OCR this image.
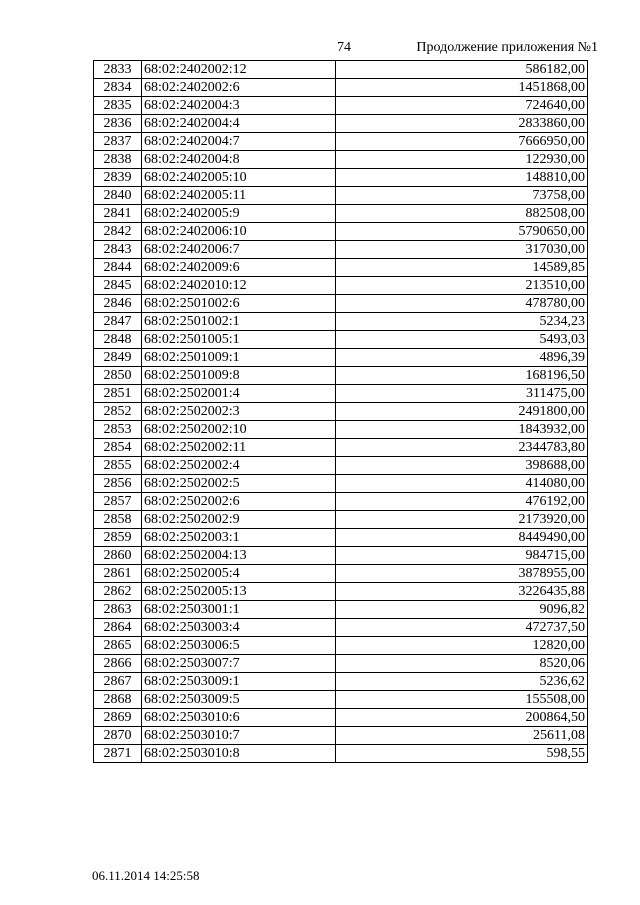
74	Продолжение приложения №1
2833	68:02:2402002:12	586182,00
2834	68:02:2402002:6	1451868,00
2835	68:02:2402004:3	724640,00
2836	68:02:2402004:4	2833860,00
2837	68:02:2402004:7	7666950,00
2838	68:02:2402004:8	122930,00
2839	68:02:2402005:10	148810,00
2840	68:02:2402005:11	73758,00
2841	68:02:2402005:9	882508,00
2842	68:02:2402006:10	5790650,00
2843	68:02:2402006:7	317030,00
2844	68:02:2402009:6	14589,85
2845	68:02:2402010:12	213510,00
2846	68:02:2501002:6	478780,00
2847	68:02:2501002:1	5234,23
2848	68:02:2501005:1	5493,03
2849	68:02:2501009:1	4896,39
2850	68:02:2501009:8	168196,50
2851	68:02:2502001:4	311475,00
2852	68:02:2502002:3	2491800,00
2853	68:02:2502002:10	1843932,00
2854	68:02:2502002:11	2344783,80
2855	68:02:2502002:4	398688,00
2856	68:02:2502002:5	414080,00
2857	68:02:2502002:6	476192,00
2858	68:02:2502002:9	2173920,00
2859	68:02:2502003:1	8449490,00
2860	68:02:2502004:13	984715,00
2861	68:02:2502005:4	3878955,00
2862	68:02:2502005:13	3226435,88
2863	68:02:2503001:1	9096,82
2864	68:02:2503003:4	472737,50
2865	68:02:2503006:5	12820,00
2866	68:02:2503007:7	8520,06
2867	68:02:2503009:1	5236,62
2868	68:02:2503009:5	155508,00
2869	68:02:2503010:6	200864,50
2870	68:02:2503010:7	25611,08
2871	68:02:2503010:8	598,55
06.11.2014 14:25:58
